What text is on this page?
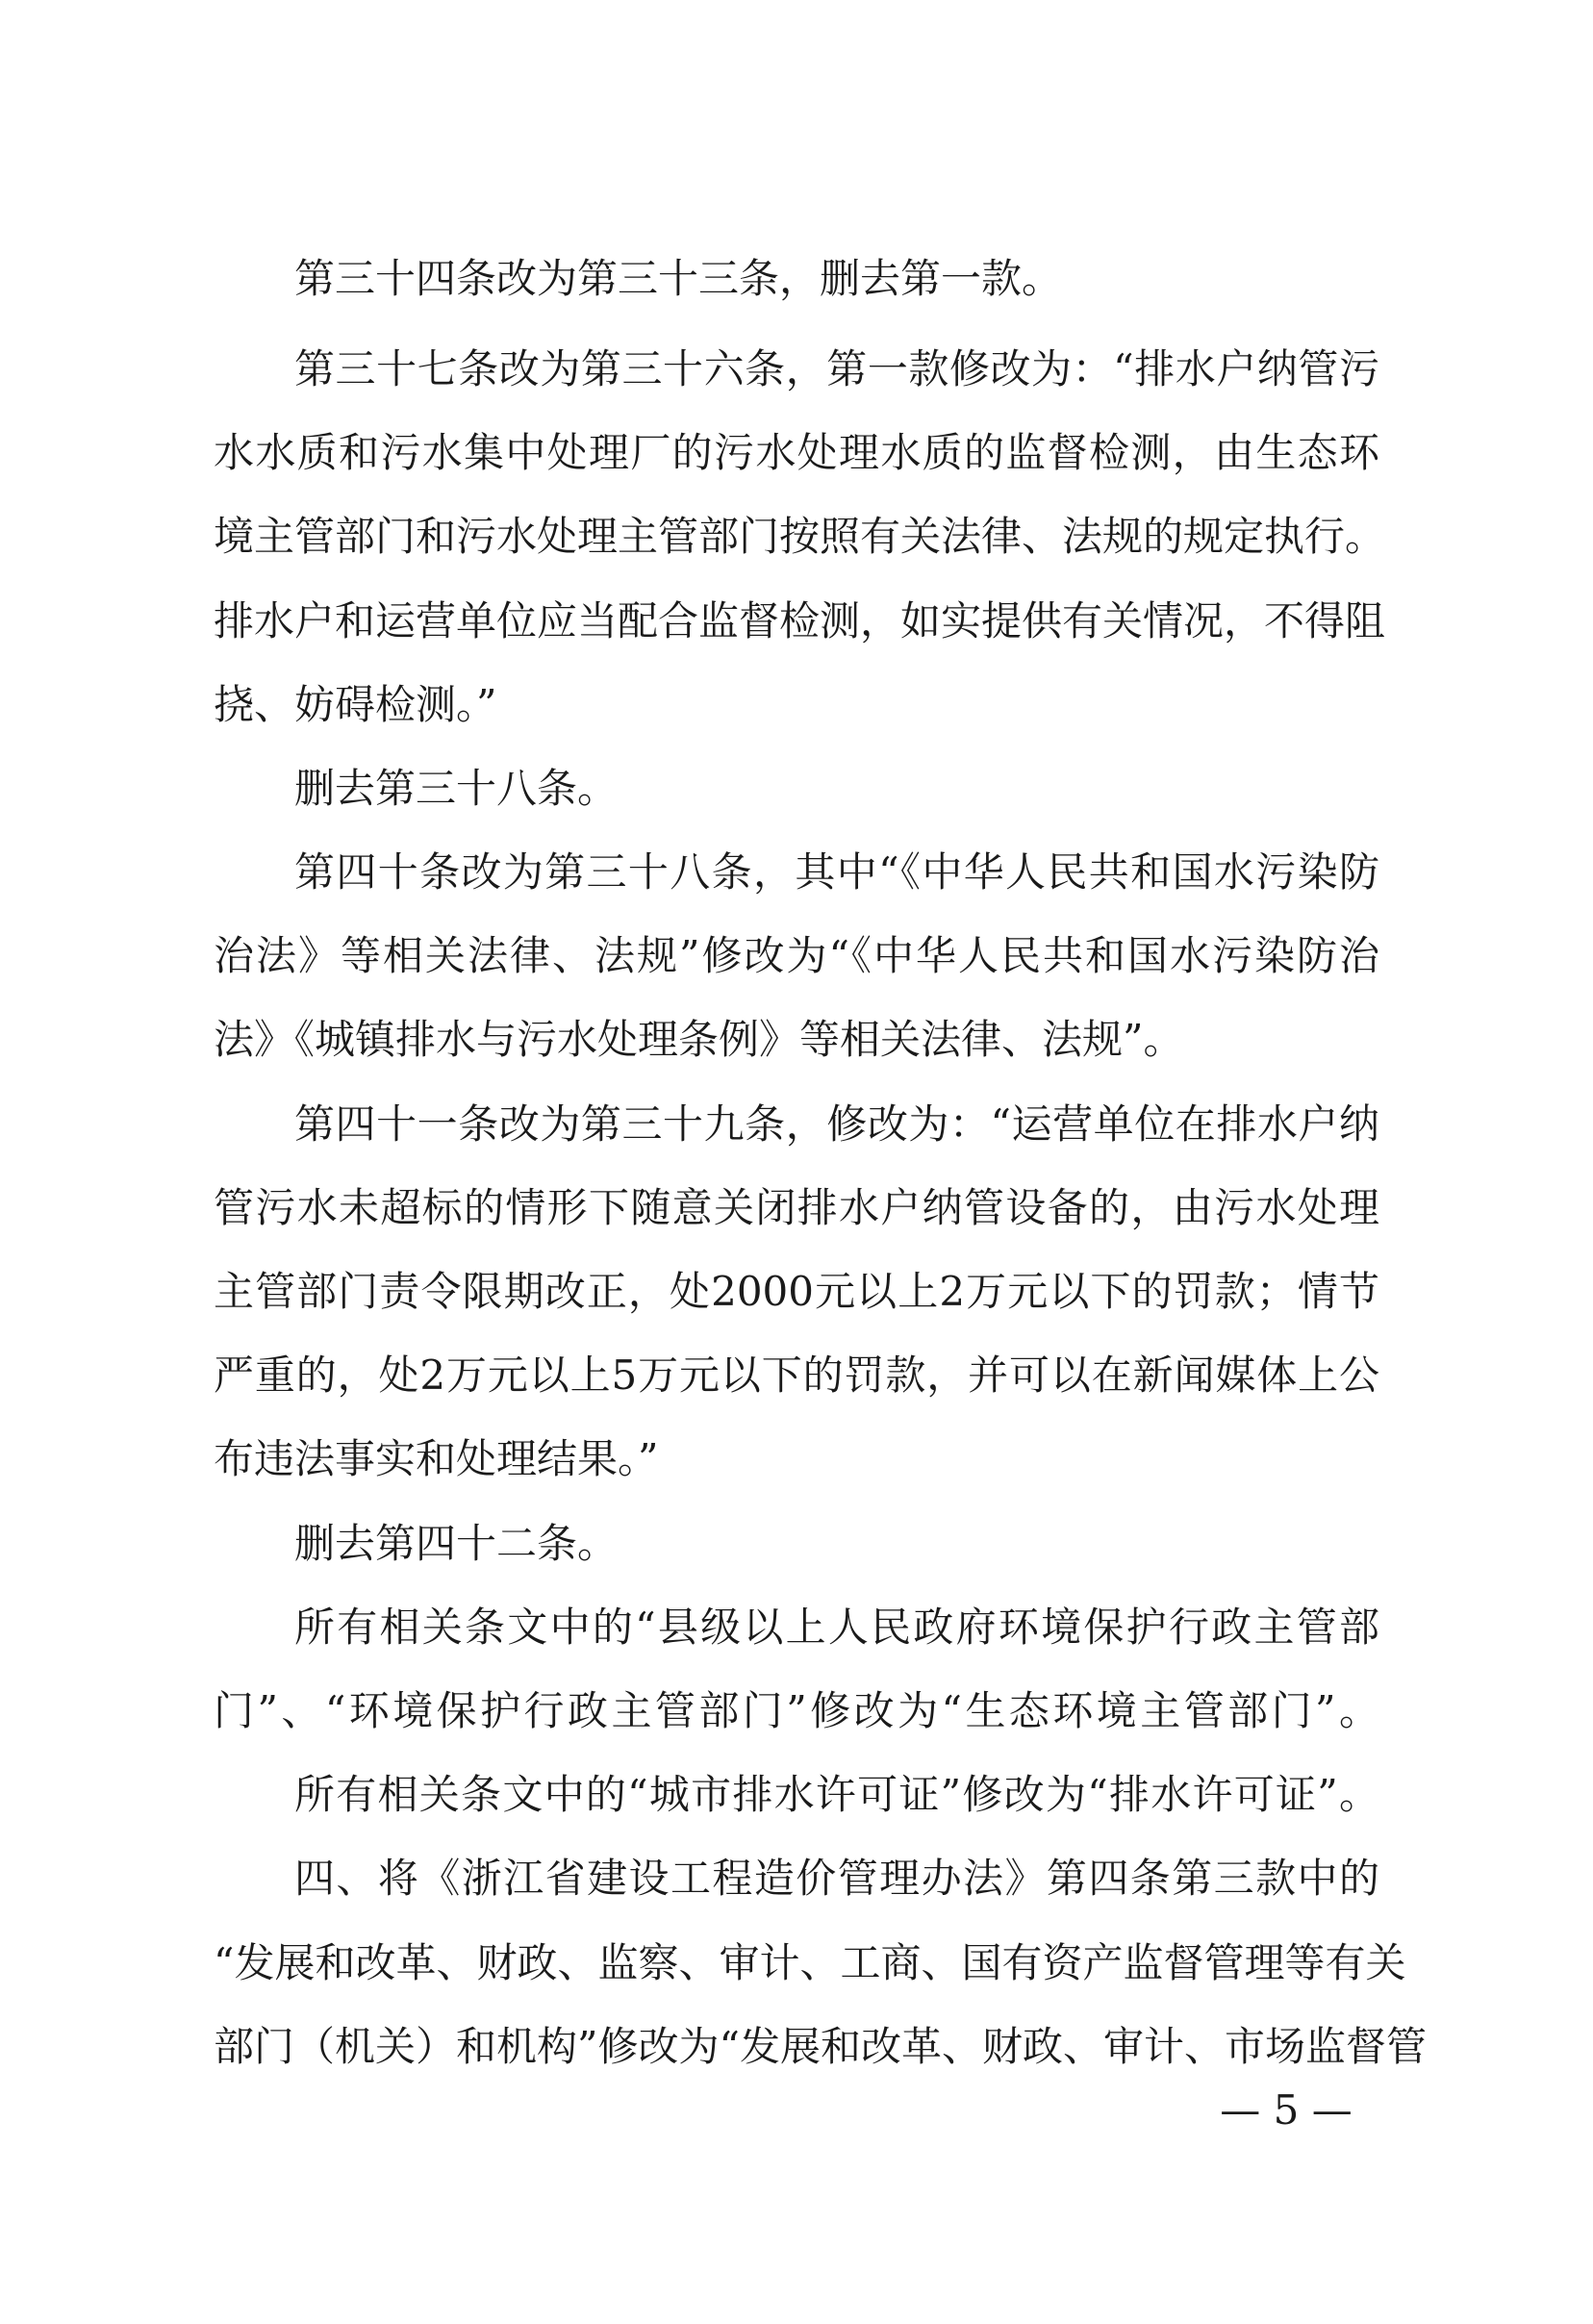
第三十四条改为第三十三条，删去第一款。
第三十七条改为第三十六条，第一款修改为：“排水户纳管污
水水质和污水集中处理厂的污水处理水质的监督检测，由生态环
境主管部门和污水处理主管部门按照有关法律、法规的规定执行。
排水户和运营单位应当配合监督检测，如实提供有关情况，不得阻
挠、妨碍检测。”
删去第三十八条。
第四十条改为第三十八条，其中“《中华人民共和国水污染防
治法》等相关法律、法规”修改为“《中华人民共和国水污染防治
法》《城镇排水与污水处理条例》等相关法律、法规”。
第四十一条改为第三十九条，修改为：“运营单位在排水户纳
管污水未超标的情形下随意关闭排水户纳管设备的，由污水处理
主管部门责令限期改正，处2000元以上2万元以下的罚款；情节
严重的，处2万元以上5万元以下的罚款，并可以在新闻媒体上公
布违法事实和处理结果。”
删去第四十二条。
所有相关条文中的“县级以上人民政府环境保护行政主管部
门”、“环境保护行政主管部门”修改为“生态环境主管部门”。
所有相关条文中的“城市排水许可证”修改为“排水许可证”。
四、将《浙江省建设工程造价管理办法》第四条第三款中的
“发展和改革、财政、监察、审计、工商、国有资产监督管理等有关
部门（机关）和机构”修改为“发展和改革、财政、审计、市场监督管
— 5 —
